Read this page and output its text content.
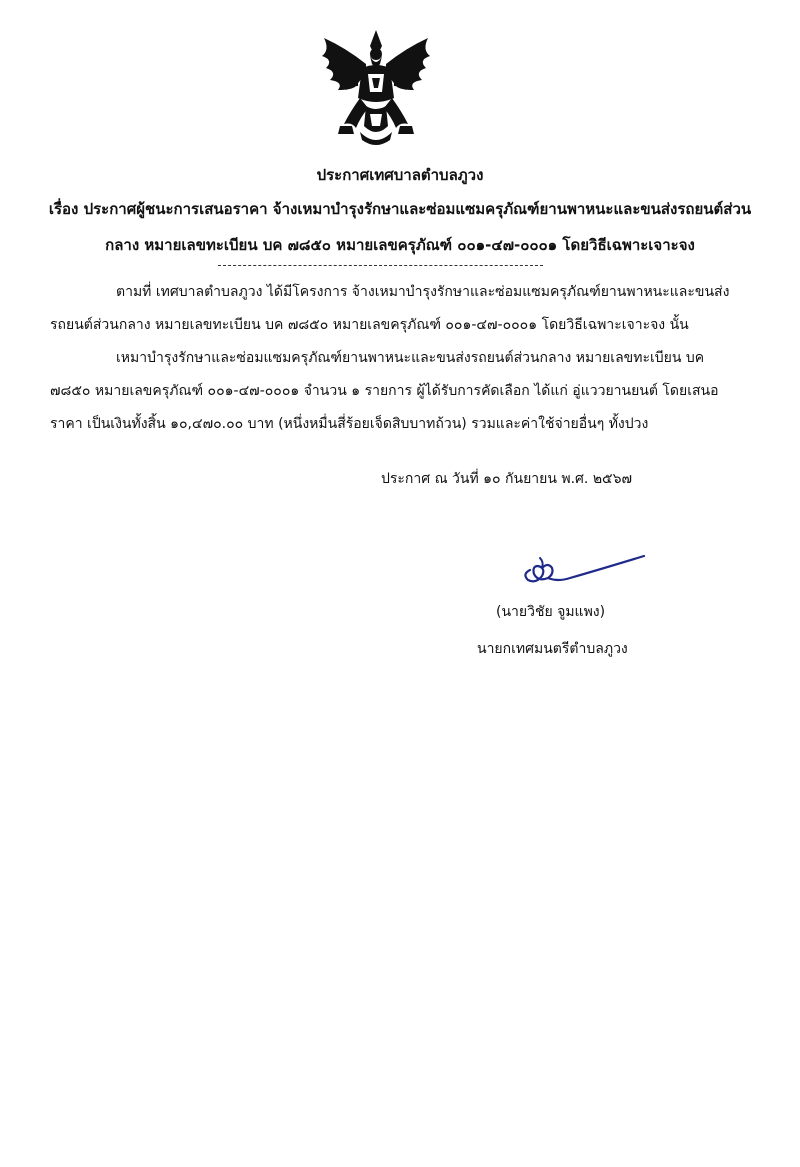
ประกาศเทศบาลตำบลภูวง
เรื่อง ประกาศผู้ชนะการเสนอราคา จ้างเหมาบำรุงรักษาและซ่อมแซมครุภัณฑ์ยานพาหนะและขนส่งรถยนต์ส่วน
กลาง หมายเลขทะเบียน บค ๗๘๕๐ หมายเลขครุภัณฑ์ ๐๐๑-๔๗-๐๐๐๑ โดยวิธีเฉพาะเจาะจง
ตามที่ เทศบาลตำบลภูวง ได้มีโครงการ จ้างเหมาบำรุงรักษาและซ่อมแซมครุภัณฑ์ยานพาหนะและขนส่ง
รถยนต์ส่วนกลาง หมายเลขทะเบียน บค ๗๘๕๐ หมายเลขครุภัณฑ์ ๐๐๑-๔๗-๐๐๐๑ โดยวิธีเฉพาะเจาะจง นั้น
เหมาบำรุงรักษาและซ่อมแซมครุภัณฑ์ยานพาหนะและขนส่งรถยนต์ส่วนกลาง หมายเลขทะเบียน บค
๗๘๕๐ หมายเลขครุภัณฑ์ ๐๐๑-๔๗-๐๐๐๑ จำนวน ๑ รายการ ผู้ได้รับการคัดเลือก ได้แก่ อู่แววยานยนต์ โดยเสนอ
ราคา เป็นเงินทั้งสิ้น ๑๐,๔๗๐.๐๐ บาท (หนึ่งหมื่นสี่ร้อยเจ็ดสิบบาทถ้วน) รวมและค่าใช้จ่ายอื่นๆ ทั้งปวง
ประกาศ ณ วันที่ ๑๐ กันยายน พ.ศ. ๒๕๖๗
(นายวิชัย จูมแพง)
นายกเทศมนตรีตำบลภูวง
